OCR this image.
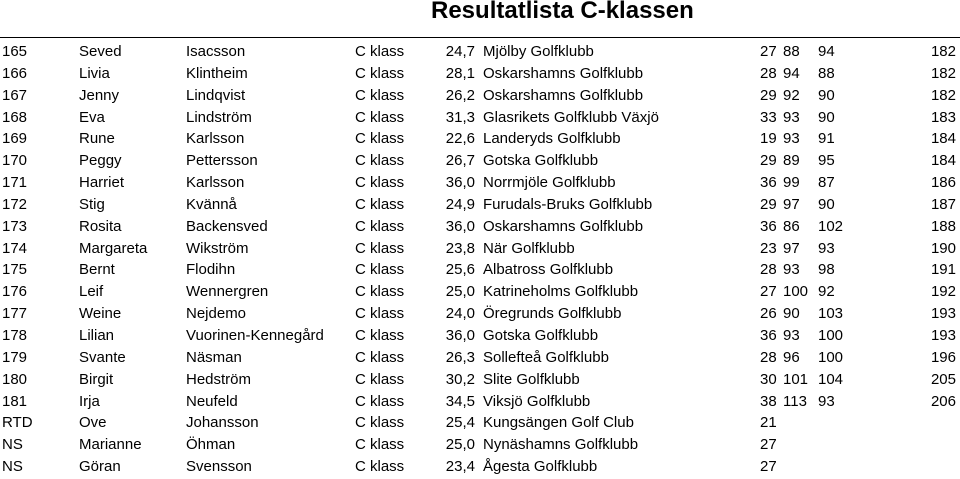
Resultatlista C-klassen
165	Seved	Isacsson	C klass	24,7 Mjölby Golfklubb	27 88 94	182
166	Livia	Klintheim	C klass	28,1 Oskarshamns Golfklubb	28 94 88	182
167	Jenny	Lindqvist	C klass	26,2 Oskarshamns Golfklubb	29 92 90	182
168	Eva	Lindström	C klass	31,3 Glasrikets Golfklubb Växjö	33 93 90	183
169	Rune	Karlsson	C klass	22,6 Landeryds Golfklubb	19 93 91	184
170	Peggy	Pettersson	C klass	26,7 Gotska Golfklubb	29 89 95	184
171	Harriet	Karlsson	C klass	36,0 Norrmjöle Golfklubb	36 99 87	186
172	Stig	Kvännå	C klass	24,9 Furudals-Bruks Golfklubb	29 97 90	187
173	Rosita	Backensved	C klass	36,0 Oskarshamns Golfklubb	36 86 102	188
174	Margareta	Wikström	C klass	23,8 När Golfklubb	23 97 93	190
175	Bernt	Flodihn	C klass	25,6 Albatross Golfklubb	28 93 98	191
176	Leif	Wennergren	C klass	25,0 Katrineholms Golfklubb	27 100 92	192
177	Weine	Nejdemo	C klass	24,0 Öregrunds Golfklubb	26 90 103	193
178	Lilian	Vuorinen-Kennegård C klass	36,0 Gotska Golfklubb	36 93 100	193
179	Svante	Näsman	C klass	26,3 Sollefteå Golfklubb	28 96 100	196
180	Birgit	Hedström	C klass	30,2 Slite Golfklubb	30 101 104	205
181	Irja	Neufeld	C klass	34,5 Viksjö Golfklubb	38 113 93	206
RTD	Ove	Johansson	C klass	25,4 Kungsängen Golf Club	21
NS	Marianne	Öhman	C klass	25,0 Nynäshamns Golfklubb	27
NS	Göran	Svensson	C klass	23,4 Ågesta Golfklubb	27
